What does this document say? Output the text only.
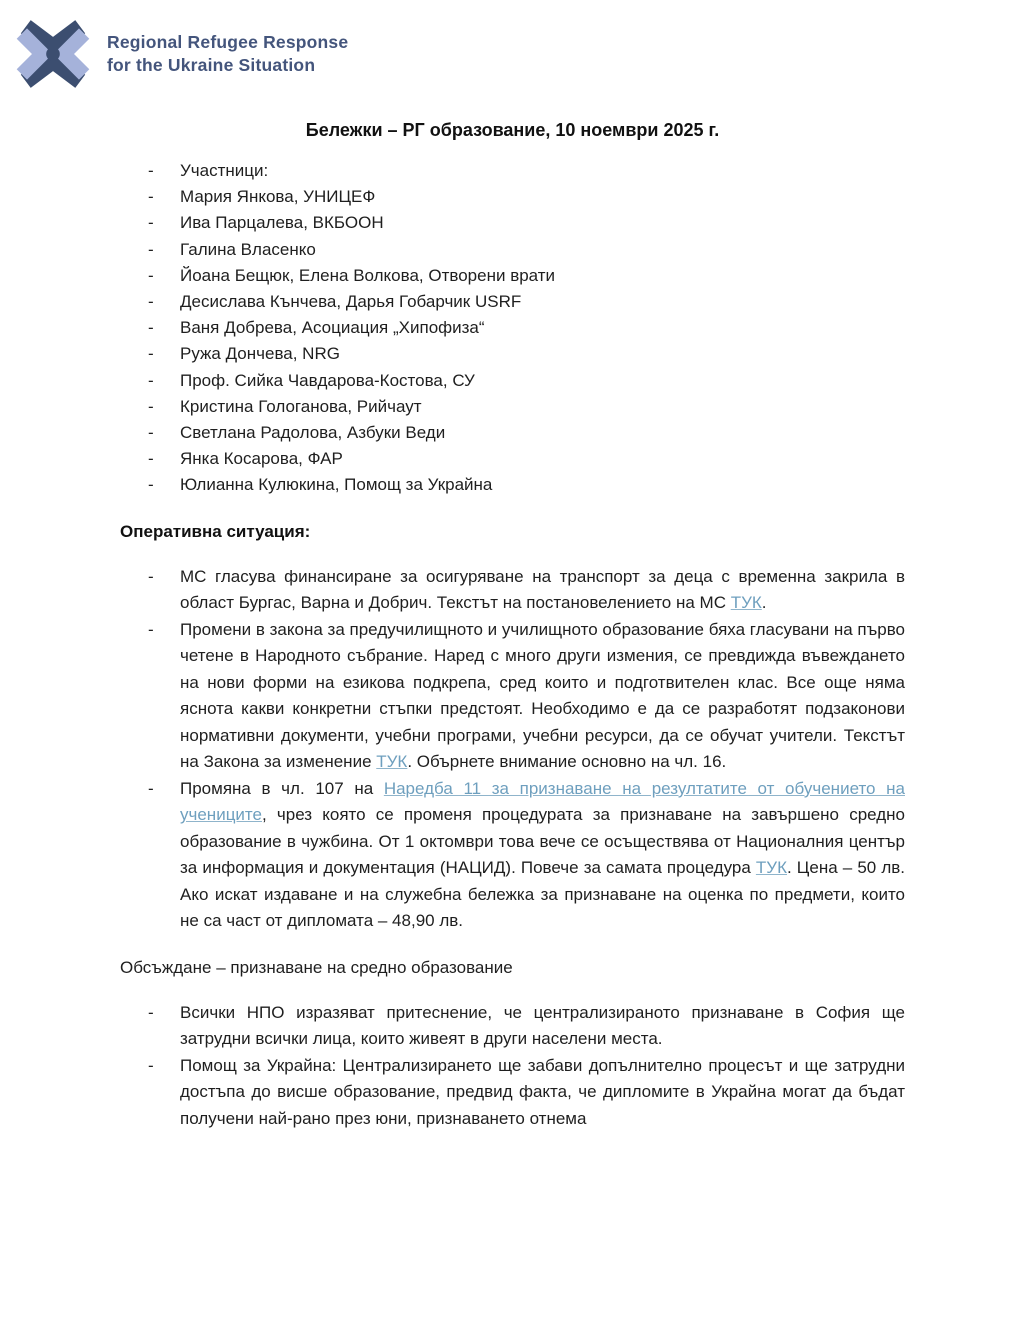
Regional Refugee Response
for the Ukraine Situation
Бележки – РГ образование, 10 ноември 2025 г.
-	Участници:
-	Мария Янкова, УНИЦЕФ
-	Ива Парцалева, ВКБООН
-	Галина Власенко
-	Йоана Бещюк, Елена Волкова, Отворени врати
-	Десислава Кънчева, Дарья Гобарчик USRF
-	Ваня Добрева, Асоциация „Хипофиза“
-	Ружа Дончева, NRG
-	Проф. Сийка Чавдарова-Костова, СУ
-	Кристина Гологанова, Рийчаут
-	Светлана Радолова, Азбуки Веди
-	Янка Косарова, ФАР
-	Юлианна Кулюкина, Помощ за Украйна
Оперативна ситуация:
-	МС гласува финансиране за осигуряване на транспорт за деца с временна закрила в област Бургас, Варна и Добрич. Текстът на постановелението на МС ТУК.
-	Промени в закона за предучилищното и училищното образование бяха гласувани на първо четене в Народното събрание. Наред с много други измения, се превдижда въвеждането на нови форми на езикова подкрепа, сред които и подготвителен клас. Все още няма яснота какви конкретни стъпки предстоят. Необходимо е да се разработят подзаконови нормативни документи, учебни програми, учебни ресурси, да се обучат учители. Текстът на Закона за изменение ТУК. Обърнете внимание основно на чл. 16.
-	Промяна в чл. 107 на Наредба 11 за признаване на резултатите от обучението на учениците, чрез която се променя процедурата за признаване на завършено средно образование в чужбина. От 1 октомври това вече се осъществява от Националния център за информация и документация (НАЦИД). Повече за самата процедура ТУК. Цена – 50 лв. Ако искат издаване и на служебна бележка за признаване на оценка по предмети, които не са част от дипломата – 48,90 лв.
Обсъждане – признаване на средно образование
-	Всички НПО изразяват притеснение, че централизираното признаване в София ще затрудни всички лица, които живеят в други населени места.
-	Помощ за Украйна: Централизирането ще забави допълнително процесът и ще затрудни достъпа до висше образование, предвид факта, че дипломите в Украйна могат да бъдат получени най-рано през юни, признаването отнема
